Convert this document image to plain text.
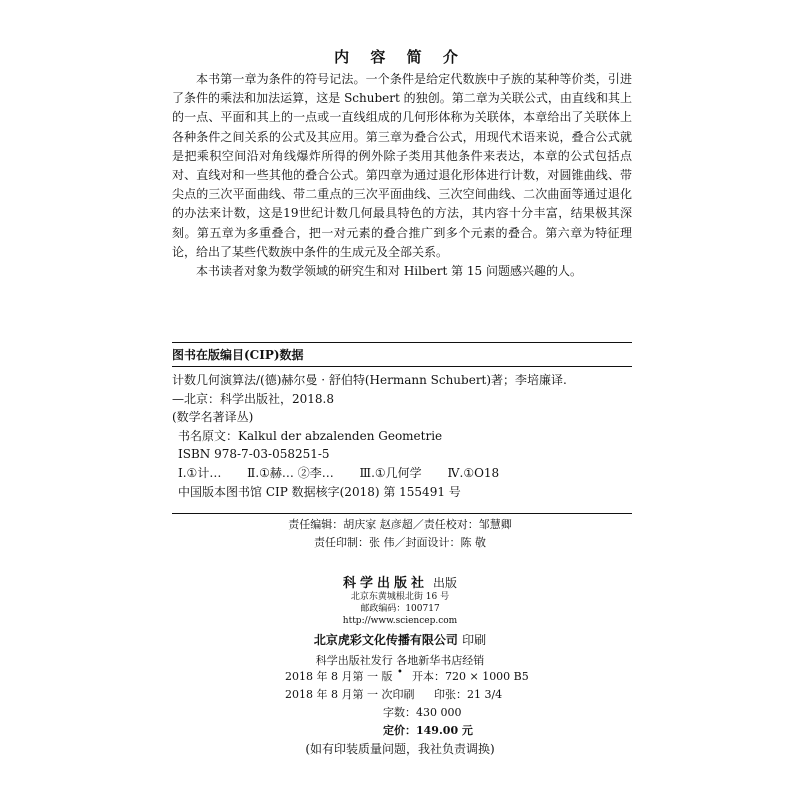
内 容 简 介

本书第一章为条件的符号记法。一个条件是给定代数族中子族的某种等价类，引进了条件的乘法和加法运算，这是 Schubert 的独创。第二章为关联公式，由直线和其上的一点、平面和其上的一点或一直线组成的几何形体称为关联体，本章给出了关联体上各种条件之间关系的公式及其应用。第三章为叠合公式，用现代术语来说，叠合公式就是把乘积空间沿对角线爆炸所得的例外除子类用其他条件来表达，本章的公式包括点对、直线对和一些其他的叠合公式。第四章为通过退化形体进行计数，对圆锥曲线、带尖点的三次平面曲线、带二重点的三次平面曲线、三次空间曲线、二次曲面等通过退化的办法来计数，这是19世纪计数几何最具特色的方法，其内容十分丰富，结果极其深刻。第五章为多重叠合，把一对元素的叠合推广到多个元素的叠合。第六章为特征理论，给出了某些代数族中条件的生成元及全部关系。

本书读者对象为数学领域的研究生和对 Hilbert 第 15 问题感兴趣的人。

图书在版编目(CIP)数据
计数几何演算法/(德)赫尔曼 · 舒伯特(Hermann Schubert)著；李培廉译.
—北京：科学出版社，2018.8
(数学名著译丛)
书名原文：Kalkul der abzalenden Geometrie
ISBN 978-7-03-058251-5
Ⅰ.①计… Ⅱ.①赫… ②李… Ⅲ.①几何学 Ⅳ.①O18
中国版本图书馆 CIP 数据核字(2018) 第 155491 号
责任编辑：胡庆家 赵彦超／责任校对：邹慧卿
责任印制：张 伟／封面设计：陈 敬
科学出版社 出版
北京东黄城根北街 16 号
邮政编码：100717
http://www.sciencep.com
北京虎彩文化传播有限公司 印刷
科学出版社发行 各地新华书店经销
•
2018 年 8 月第 一 版 开本：720 × 1000 B5
2018 年 8 月第 一 次印刷 印张：21 3/4
字数：430 000
定价：149.00 元
(如有印装质量问题，我社负责调换)
